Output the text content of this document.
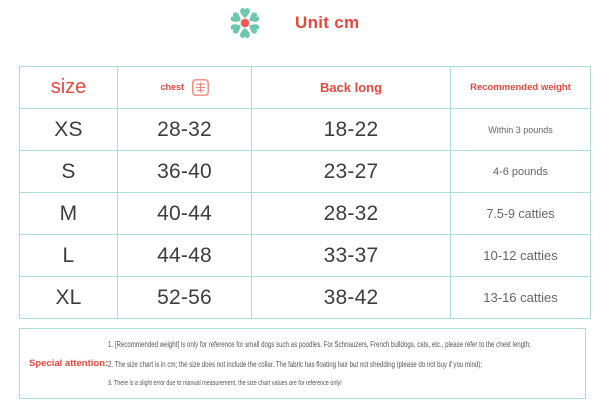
Unit cm
size	chest	Back long	Recommended weight
XS	28-32	18-22	Within 3 pounds
S	36-40	23-27	4-6 pounds
M	40-44	28-32	7.5-9 catties
L	44-48	33-37	10-12 catties
XL	52-56	38-42	13-16 catties
Special attention:

1. [Recommended weight] is only for reference for small dogs such as poodles. For Schnauzers, French bulldogs, cats, etc., please refer to the chest length;

2. The size chart is in cm; the size does not include the collar. The fabric has floating hair but not shedding (please do not buy if you mind);

3. There is a slight error due to manual measurement, the size chart values are for reference only!
